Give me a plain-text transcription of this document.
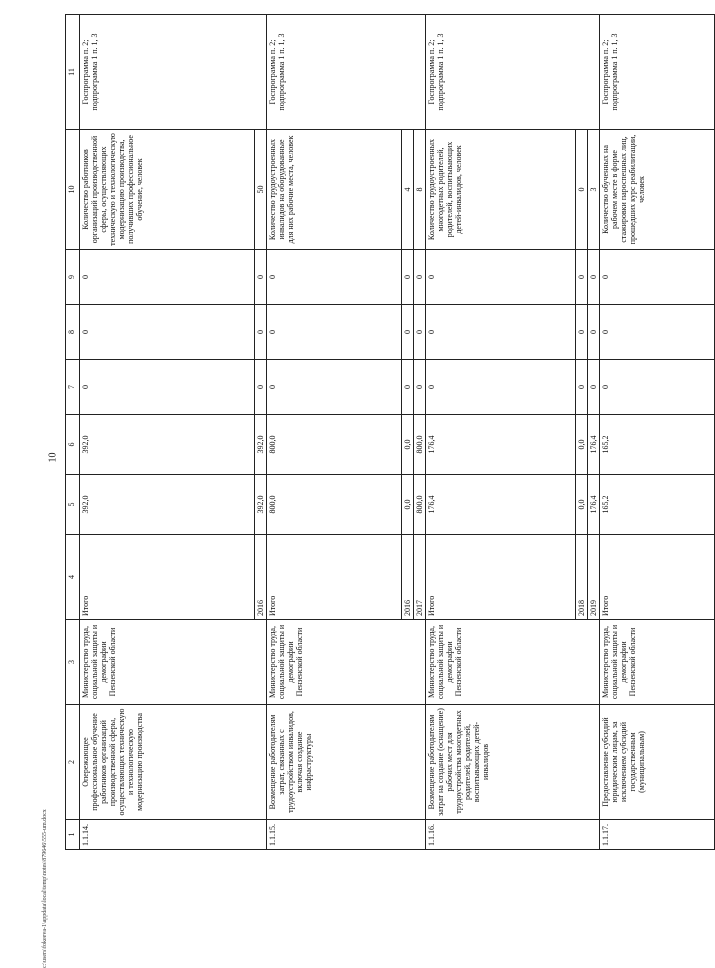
10
c:\users\fokeeva-1\appdata\local\temp\notes\879646\555-um.docx 1	2	3	4	5	6	7	8	9	10	11
1.1.14.	Опережающее профессиональное обучение работников организаций производственной сферы, осуществляющих техническую и технологическую модернизацию производства	Министерство труда, социальной защиты и демографии Пензенской области	Итого	392,0	392,0	0	0	0	Количество работников организаций производственной сферы, осуществляющих техническую и технологическую модернизацию производства, получивших профессиональное обучение, человек	Госпрограмма п. 2; подпрограмма 1 п. 1, 3
			2016	392,0	392,0	0	0	0	50	
1.1.15.	Возмещение работодателям затрат, связанных с трудоустройством инвалидов, включая создание инфраструктуры	Министерство труда, социальной защиты и демографии Пензенской области	Итого	800,0	800,0	0	0	0	Количество трудоустроенных инвалидов на оборудованные для них рабочие места, человек	Госпрограмма п. 2; подпрограмма 1 п. 1, 3
			2016	0,0	0,0	0	0	0	4	
			2017	800,0	800,0	0	0	0	8	
1.1.16.	Возмещение работодателям затрат на создание (оснащение) рабочих мест для трудоустройства многодетных родителей, родителей, воспитывающих детей-инвалидов	Министерство труда, социальной защиты и демографии Пензенской области	Итого	176,4	176,4	0	0	0	Количество трудоустроенных многодетных родителей, родителей, воспитывающих детей-инвалидов, человек	Госпрограмма п. 2; подпрограмма 1 п. 1, 3
			2018	0,0	0,0	0	0	0	0	
			2019	176,4	176,4	0	0	0	3	
1.1.17.	Предоставление субсидий юридическим лицам, за исключением субсидий государственным (муниципальным)	Министерство труда, социальной защиты и демографии Пензенской области	Итого	165,2	165,2	0	0	0	Количество обученных на рабочем месте в форме стажировки пароспешных лиц, прошедших курс реабилитации, человек	Госпрограмма п. 2; подпрограмма 1 п. 1, 3
